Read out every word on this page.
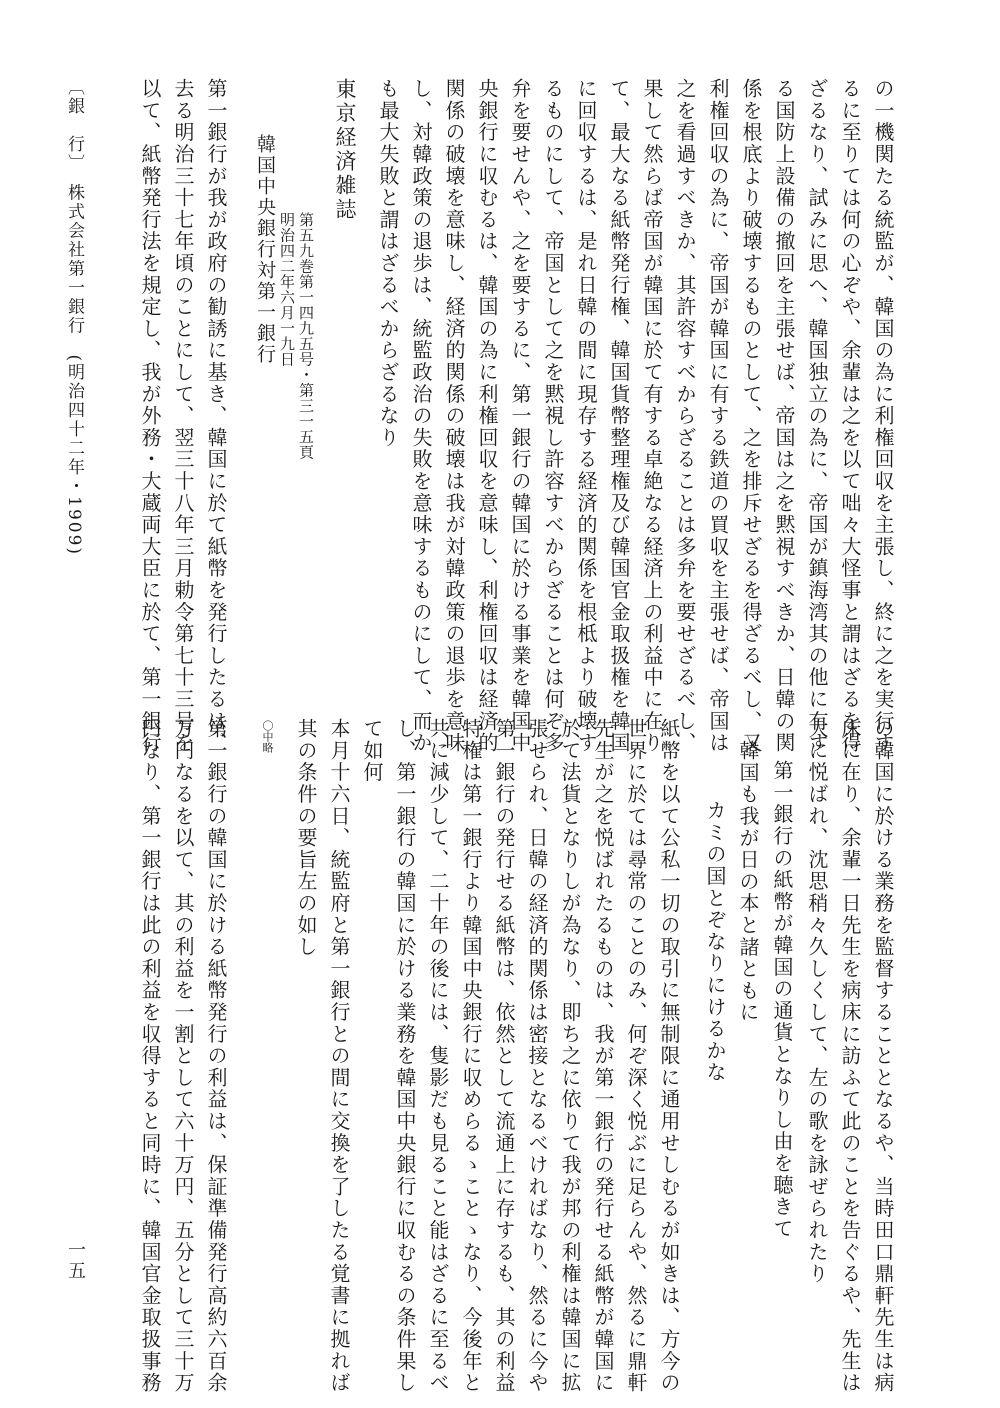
の一機関たる統監が、韓国の為に利権回収を主張し、終に之を実行す
るに至りては何の心ぞや、余輩は之を以て咄々大怪事と謂はざるを得
ざるなり、試みに思へ、韓国独立の為に、帝国が鎮海湾其の他に有す
る国防上設備の撤回を主張せば、帝国は之を黙視すべきか、日韓の関
係を根底より破壊するものとして、之を排斥せざるを得ざるべし、又
利権回収の為に、帝国が韓国に有する鉄道の買収を主張せば、帝国は
之を看過すべきか、其許容すべからざることは多弁を要せざるべし、
果して然らば帝国が韓国に於て有する卓絶なる経済上の利益中に在り
て、最大なる紙幣発行権、韓国貨幣整理権及び韓国官金取扱権を韓国
に回収するは、是れ日韓の間に現存する経済的関係を根柢より破壊す
るものにして、帝国として之を黙視し許容すべからざることは何ぞ多
弁を要せんや、之を要するに、第一銀行の韓国に於ける事業を韓国中
央銀行に収むるは、韓国の為に利権回収を意味し、利権回収は経済的
関係の破壊を意味し、経済的関係の破壊は我が対韓政策の退歩を意味
し、対韓政策の退歩は、統監政治の失敗を意味するものにして、而か
も最大失敗と謂はざるべからざるなり
東京経済雑誌
第五九巻第一四九五号・第三一五頁
明治四二年六月一九日
韓国中央銀行対第一銀行
第一銀行が我が政府の勧誘に基き、韓国に於て紙幣を発行したるは、
去る明治三十七年頃のことにして、翌三十八年三月勅令第七十三号を
以て、紙幣発行法を規定し、我が外務・大蔵両大臣に於て、第一銀行
の韓国に於ける業務を監督することとなるや、当時田口鼎軒先生は病
床に在り、余輩一日先生を病床に訪ふて此のことを告ぐるや、先生は
大に悦ばれ、沈思稍々久しくして、左の歌を詠ぜられたり
第一銀行の紙幣が韓国の通貨となりし由を聴きて
韓国も我が日の本と諸ともに
カミの国とぞなりにけるかな
紙幣を以て公私一切の取引に無制限に通用せしむるが如きは、方今の
世界に於ては尋常のことのみ、何ぞ深く悦ぶに足らんや、然るに鼎軒
先生が之を悦ばれたるものは、我が第一銀行の発行せる紙幣が韓国に
於て法貨となりしが為なり、即ち之に依りて我が邦の利権は韓国に拡
張せられ、日韓の経済的関係は密接となるべければなり、然るに今や
第一銀行の発行せる紙幣は、依然として流通上に存するも、其の利益
特権は第一銀行より韓国中央銀行に収めらるゝことゝなり、今後年と
共に減少して、二十年の後には、隻影だも見ること能はざるに至るべ
し、第一銀行の韓国に於ける業務を韓国中央銀行に収むるの条件果し
て如何
本月十六日、統監府と第一銀行との間に交換を了したる覚書に拠れば
其の条件の要旨左の如し
〇中略
第一銀行の韓国に於ける紙幣発行の利益は、保証準備発行高約六百余
万円なるを以て、其の利益を一割として六十万円、五分として三十万
円なり、第一銀行は此の利益を収得すると同時に、韓国官金取扱事務
〔銀　行〕　株式会社第一銀行　(明治四十二年・1909)
一五
